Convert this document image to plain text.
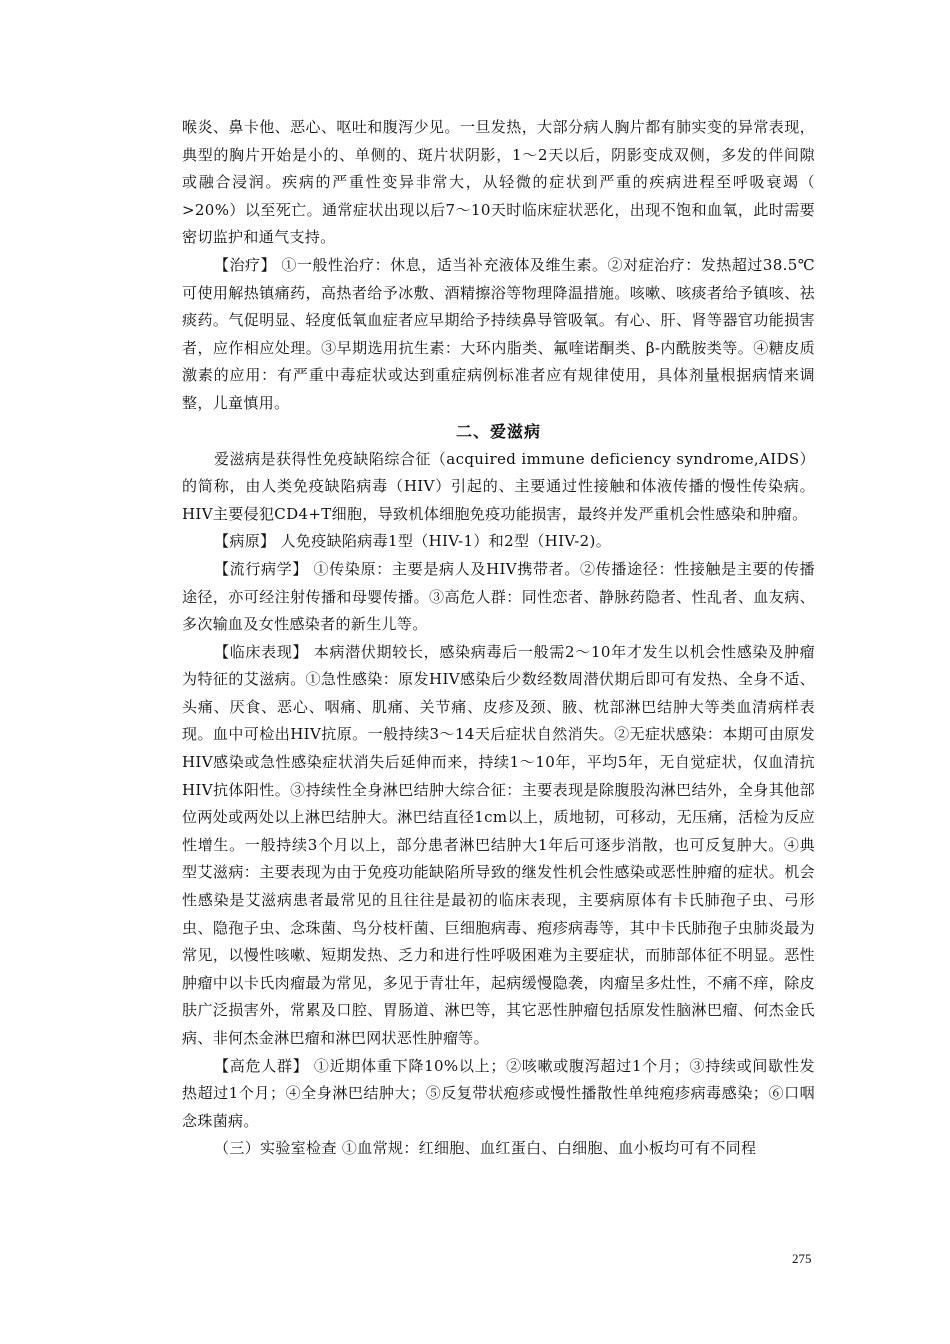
喉炎、鼻卡他、恶心、呕吐和腹泻少见。一旦发热，大部分病人胸片都有肺实变的异常表现，典型的胸片开始是小的、单侧的、斑片状阴影，1～2天以后，阴影变成双侧，多发的伴间隙或融合浸润。疾病的严重性变异非常大，从轻微的症状到严重的疾病进程至呼吸衰竭（ >20%）以至死亡。通常症状出现以后7～10天时临床症状恶化，出现不饱和血氧，此时需要密切监护和通气支持。

【治疗】 ①一般性治疗：休息，适当补充液体及维生素。②对症治疗：发热超过38.5℃可使用解热镇痛药，高热者给予冰敷、酒精擦浴等物理降温措施。咳嗽、咳痰者给予镇咳、祛痰药。气促明显、轻度低氧血症者应早期给予持续鼻导管吸氧。有心、肝、肾等器官功能损害者，应作相应处理。③早期选用抗生素：大环内脂类、氟喹诺酮类、β-内酰胺类等。④糖皮质激素的应用：有严重中毒症状或达到重症病例标准者应有规律使用，具体剂量根据病情来调整，儿童慎用。

二、爱滋病

爱滋病是获得性免疫缺陷综合征（acquired immune deficiency syndrome,AIDS）的简称，由人类免疫缺陷病毒（HIV）引起的、主要通过性接触和体液传播的慢性传染病。HIV主要侵犯CD4+T细胞，导致机体细胞免疫功能损害，最终并发严重机会性感染和肿瘤。

【病原】 人免疫缺陷病毒1型（HIV-1）和2型（HIV-2)。

【流行病学】 ①传染原：主要是病人及HIV携带者。②传播途径：性接触是主要的传播途径，亦可经注射传播和母婴传播。③高危人群：同性恋者、静脉药隐者、性乱者、血友病、多次输血及女性感染者的新生儿等。

【临床表现】 本病潜伏期较长，感染病毒后一般需2～10年才发生以机会性感染及肿瘤为特征的艾滋病。①急性感染：原发HIV感染后少数经数周潜伏期后即可有发热、全身不适、头痛、厌食、恶心、咽痛、肌痛、关节痛、皮疹及颈、腋、枕部淋巴结肿大等类血清病样表现。血中可检出HIV抗原。一般持续3～14天后症状自然消失。②无症状感染：本期可由原发HIV感染或急性感染症状消失后延伸而来，持续1～10年，平均5年，无自觉症状，仅血清抗HIV抗体阳性。③持续性全身淋巴结肿大综合征：主要表现是除腹股沟淋巴结外，全身其他部位两处或两处以上淋巴结肿大。淋巴结直径1cm以上，质地韧，可移动，无压痛，活检为反应性增生。一般持续3个月以上，部分患者淋巴结肿大1年后可逐步消散，也可反复肿大。④典型艾滋病：主要表现为由于免疫功能缺陷所导致的继发性机会性感染或恶性肿瘤的症状。机会性感染是艾滋病患者最常见的且往往是最初的临床表现，主要病原体有卡氏肺孢子虫、弓形虫、隐孢子虫、念珠菌、鸟分枝杆菌、巨细胞病毒、疱疹病毒等，其中卡氏肺孢子虫肺炎最为常见，以慢性咳嗽、短期发热、乏力和进行性呼吸困难为主要症状，而肺部体征不明显。恶性肿瘤中以卡氏肉瘤最为常见，多见于青壮年，起病缓慢隐袭，肉瘤呈多灶性，不痛不痒，除皮肤广泛损害外，常累及口腔、胃肠道、淋巴等，其它恶性肿瘤包括原发性脑淋巴瘤、何杰金氏病、非何杰金淋巴瘤和淋巴网状恶性肿瘤等。

【高危人群】 ①近期体重下降10%以上；②咳嗽或腹泻超过1个月；③持续或间歇性发热超过1个月；④全身淋巴结肿大；⑤反复带状疱疹或慢性播散性单纯疱疹病毒感染；⑥口咽念珠菌病。

（三）实验室检查 ①血常规：红细胞、血红蛋白、白细胞、血小板均可有不同程

275
